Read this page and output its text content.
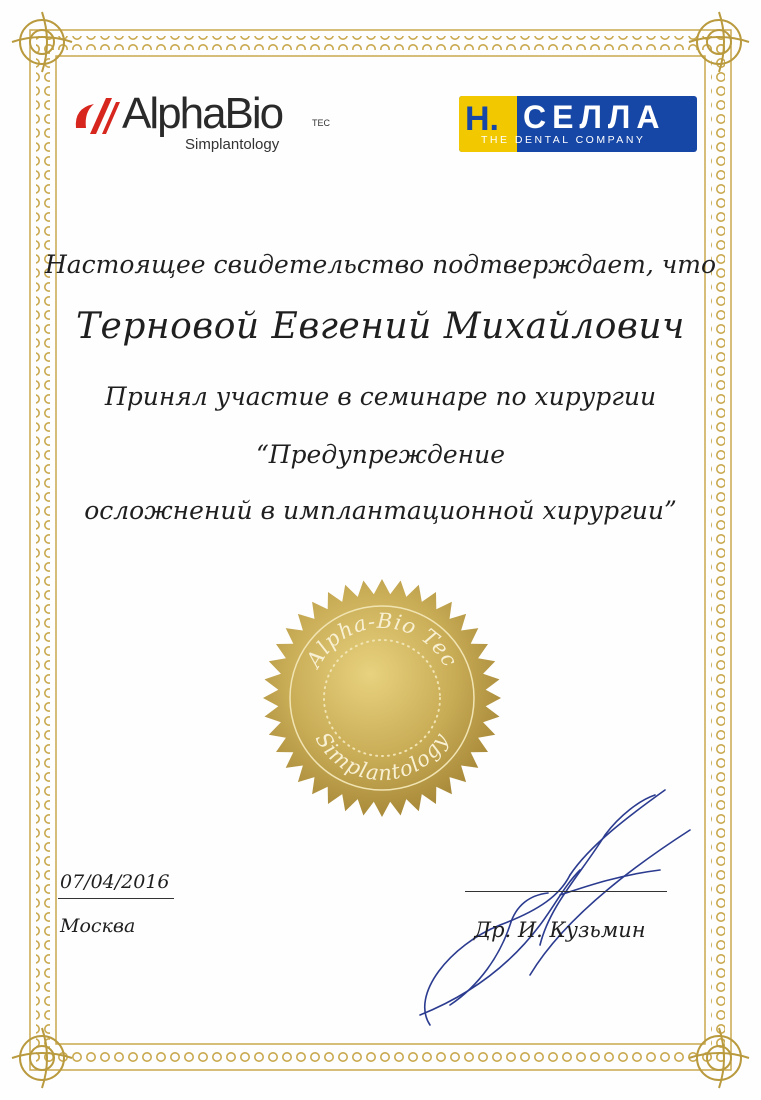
AlphaBio	TEC
Simplantology
H. СЕЛЛА
THE DENTAL COMPANY
Настоящее свидетельство подтверждает, что
Терновой Евгений Михайлович
Принял участие в семинаре по хирургии
“Предупреждение
осложнений в имплантационной хирургии”
Alpha-Bio Tec
Simplantology
07/04/2016
Москва	Др. И. Кузьмин
